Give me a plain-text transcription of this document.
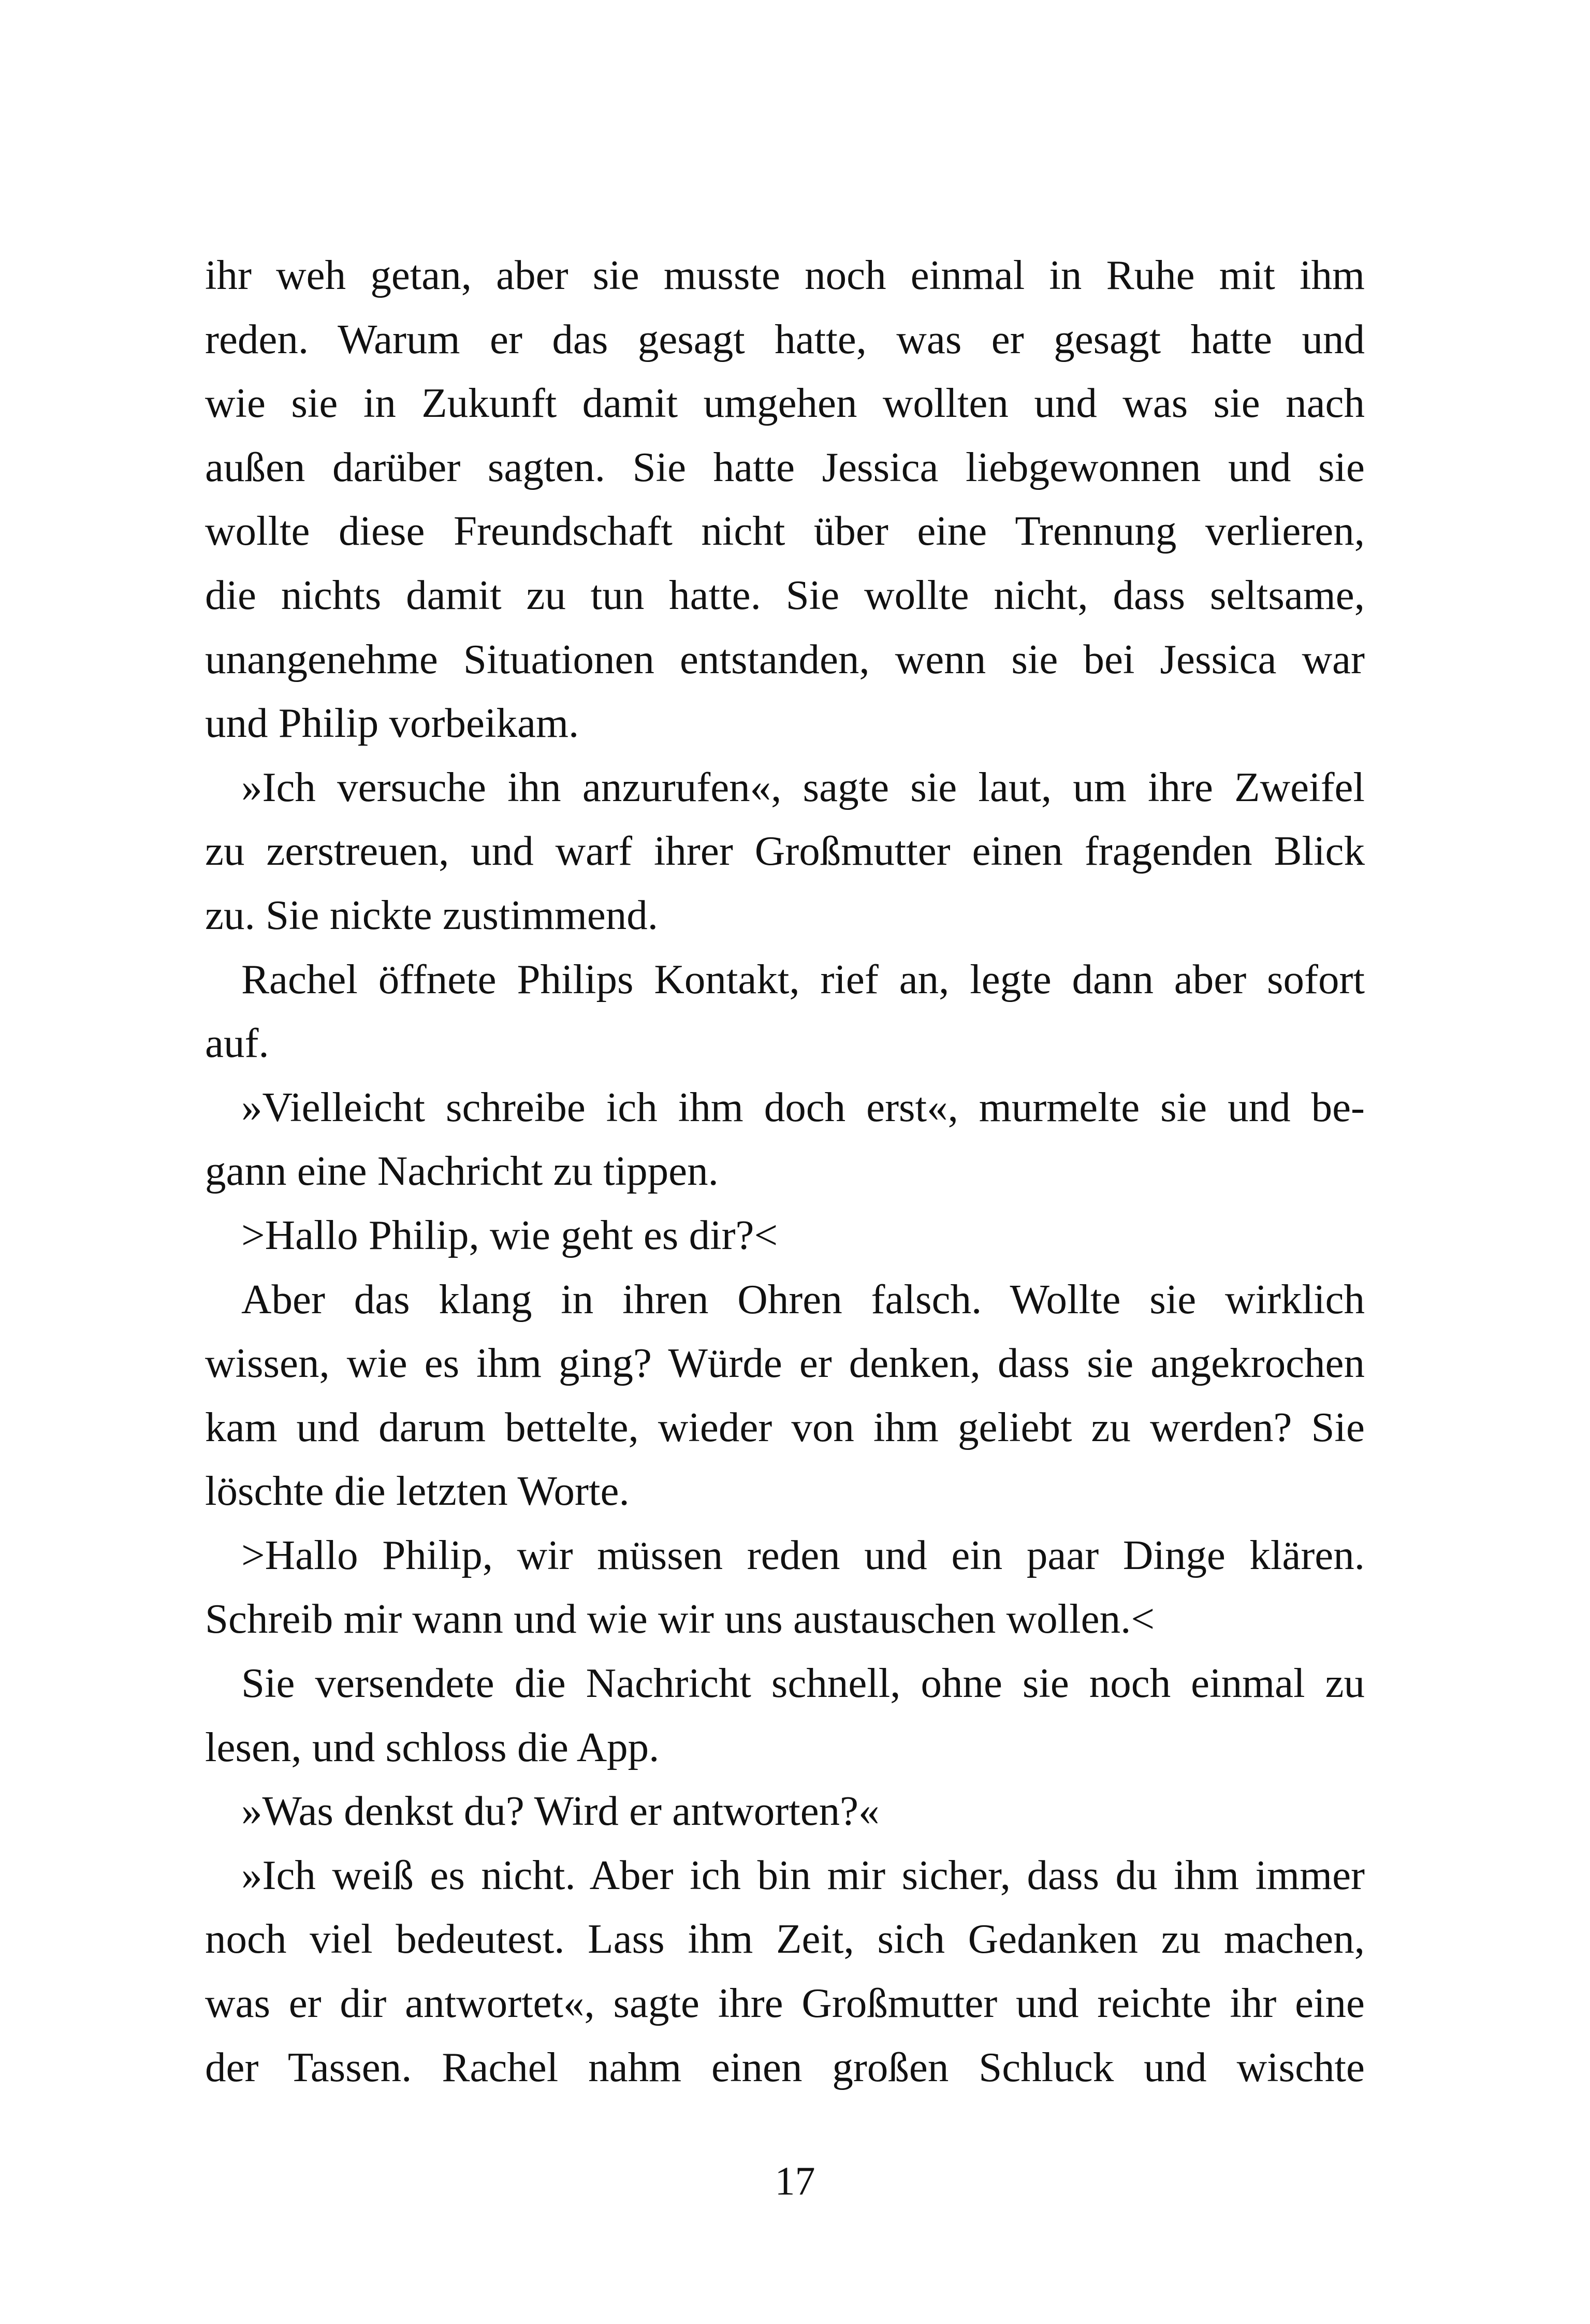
ihr weh getan, aber sie musste noch einmal in Ruhe mit ihm
reden. Warum er das gesagt hatte, was er gesagt hatte und
wie sie in Zukunft damit umgehen wollten und was sie nach
außen darüber sagten. Sie hatte Jessica liebgewonnen und sie
wollte diese Freundschaft nicht über eine Trennung verlieren,
die nichts damit zu tun hatte. Sie wollte nicht, dass seltsame,
unangenehme Situationen entstanden, wenn sie bei Jessica war
und Philip vorbeikam.
»Ich versuche ihn anzurufen«, sagte sie laut, um ihre Zweifel
zu zerstreuen, und warf ihrer Großmutter einen fragenden Blick
zu. Sie nickte zustimmend.
Rachel öffnete Philips Kontakt, rief an, legte dann aber sofort
auf.
»Vielleicht schreibe ich ihm doch erst«, murmelte sie und be-
gann eine Nachricht zu tippen.
>Hallo Philip, wie geht es dir?<
Aber das klang in ihren Ohren falsch. Wollte sie wirklich
wissen, wie es ihm ging? Würde er denken, dass sie angekrochen
kam und darum bettelte, wieder von ihm geliebt zu werden? Sie
löschte die letzten Worte.
>Hallo Philip, wir müssen reden und ein paar Dinge klären.
Schreib mir wann und wie wir uns austauschen wollen.<
Sie versendete die Nachricht schnell, ohne sie noch einmal zu
lesen, und schloss die App.
»Was denkst du? Wird er antworten?«
»Ich weiß es nicht. Aber ich bin mir sicher, dass du ihm immer
noch viel bedeutest. Lass ihm Zeit, sich Gedanken zu machen,
was er dir antwortet«, sagte ihre Großmutter und reichte ihr eine
der Tassen. Rachel nahm einen großen Schluck und wischte
17
